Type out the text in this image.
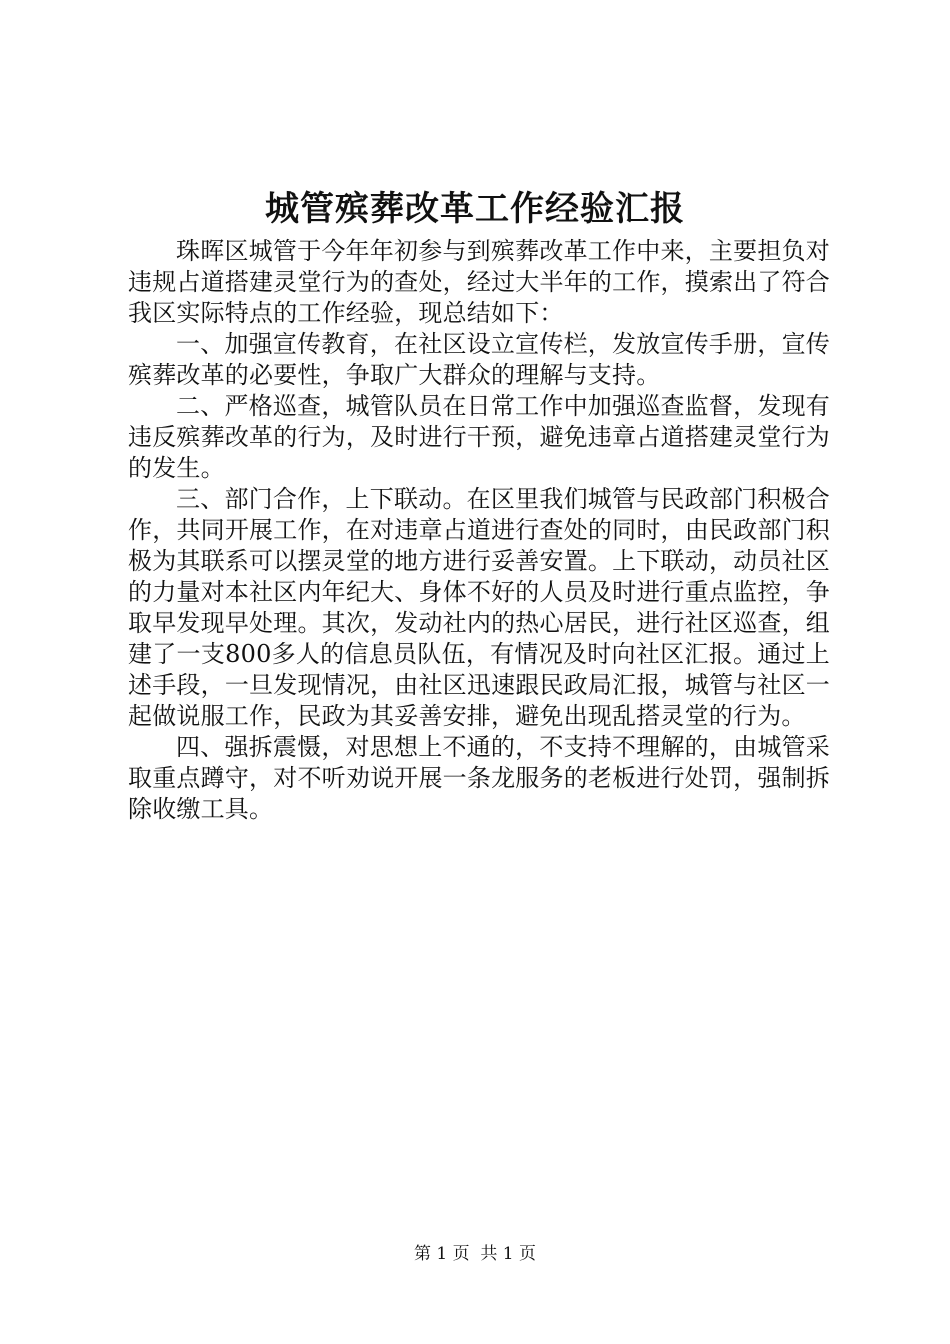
城管殡葬改革工作经验汇报

珠晖区城管于今年年初参与到殡葬改革工作中来，主要担负对违规占道搭建灵堂行为的查处，经过大半年的工作，摸索出了符合我区实际特点的工作经验，现总结如下：

一、加强宣传教育，在社区设立宣传栏，发放宣传手册，宣传殡葬改革的必要性，争取广大群众的理解与支持。

二、严格巡查，城管队员在日常工作中加强巡查监督，发现有违反殡葬改革的行为，及时进行干预，避免违章占道搭建灵堂行为的发生。

三、部门合作，上下联动。在区里我们城管与民政部门积极合作，共同开展工作，在对违章占道进行查处的同时，由民政部门积极为其联系可以摆灵堂的地方进行妥善安置。上下联动，动员社区的力量对本社区内年纪大、身体不好的人员及时进行重点监控，争取早发现早处理。其次，发动社内的热心居民，进行社区巡查，组建了一支800多人的信息员队伍，有情况及时向社区汇报。通过上述手段，一旦发现情况，由社区迅速跟民政局汇报，城管与社区一起做说服工作，民政为其妥善安排，避免出现乱搭灵堂的行为。

四、强拆震慑，对思想上不通的，不支持不理解的，由城管采取重点蹲守，对不听劝说开展一条龙服务的老板进行处罚，强制拆除收缴工具。

第 1 页  共 1 页
